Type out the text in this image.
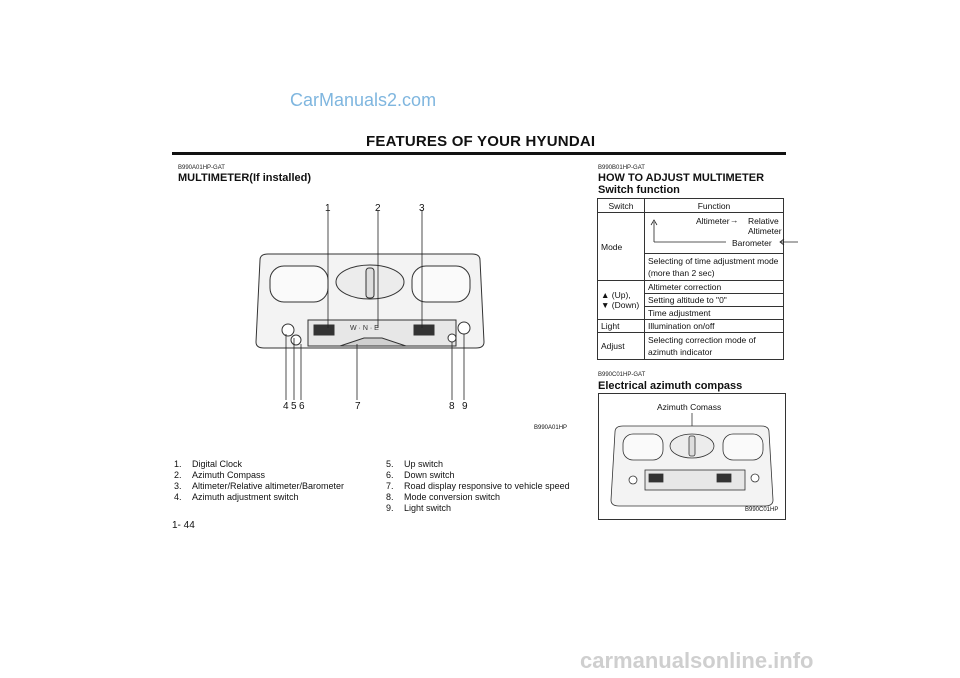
CarManuals2.com
FEATURES OF YOUR HYUNDAI
B990A01HP-GAT
MULTIMETER(If installed)
1	2	3
4 5 6	7	8 9
W · N · E
B990A01HP
1. Digital Clock
2. Azimuth Compass
3. Altimeter/Relative altimeter/Barometer
4. Azimuth adjustment switch
5. Up switch
6. Down switch
7. Road display responsive to vehicle speed
8. Mode conversion switch
9. Light switch
1- 44
B990B01HP-GAT
HOW TO ADJUST MULTIMETER
Switch function
Switch	Function
Mode	Altimeter → Relative Altimeter
Barometer

	Selecting of time adjustment mode
(more than 2 sec)

▲ (Up),
▼ (Down)	Altimeter correction
	Setting altitude to "0"
	Time adjustment
Light	Illumination on/off
Adjust	Selecting correction mode of
azimuth indicator
B990C01HP-GAT
Electrical azimuth compass
Azimuth Comass
B990C01HP
carmanualsonline.info
